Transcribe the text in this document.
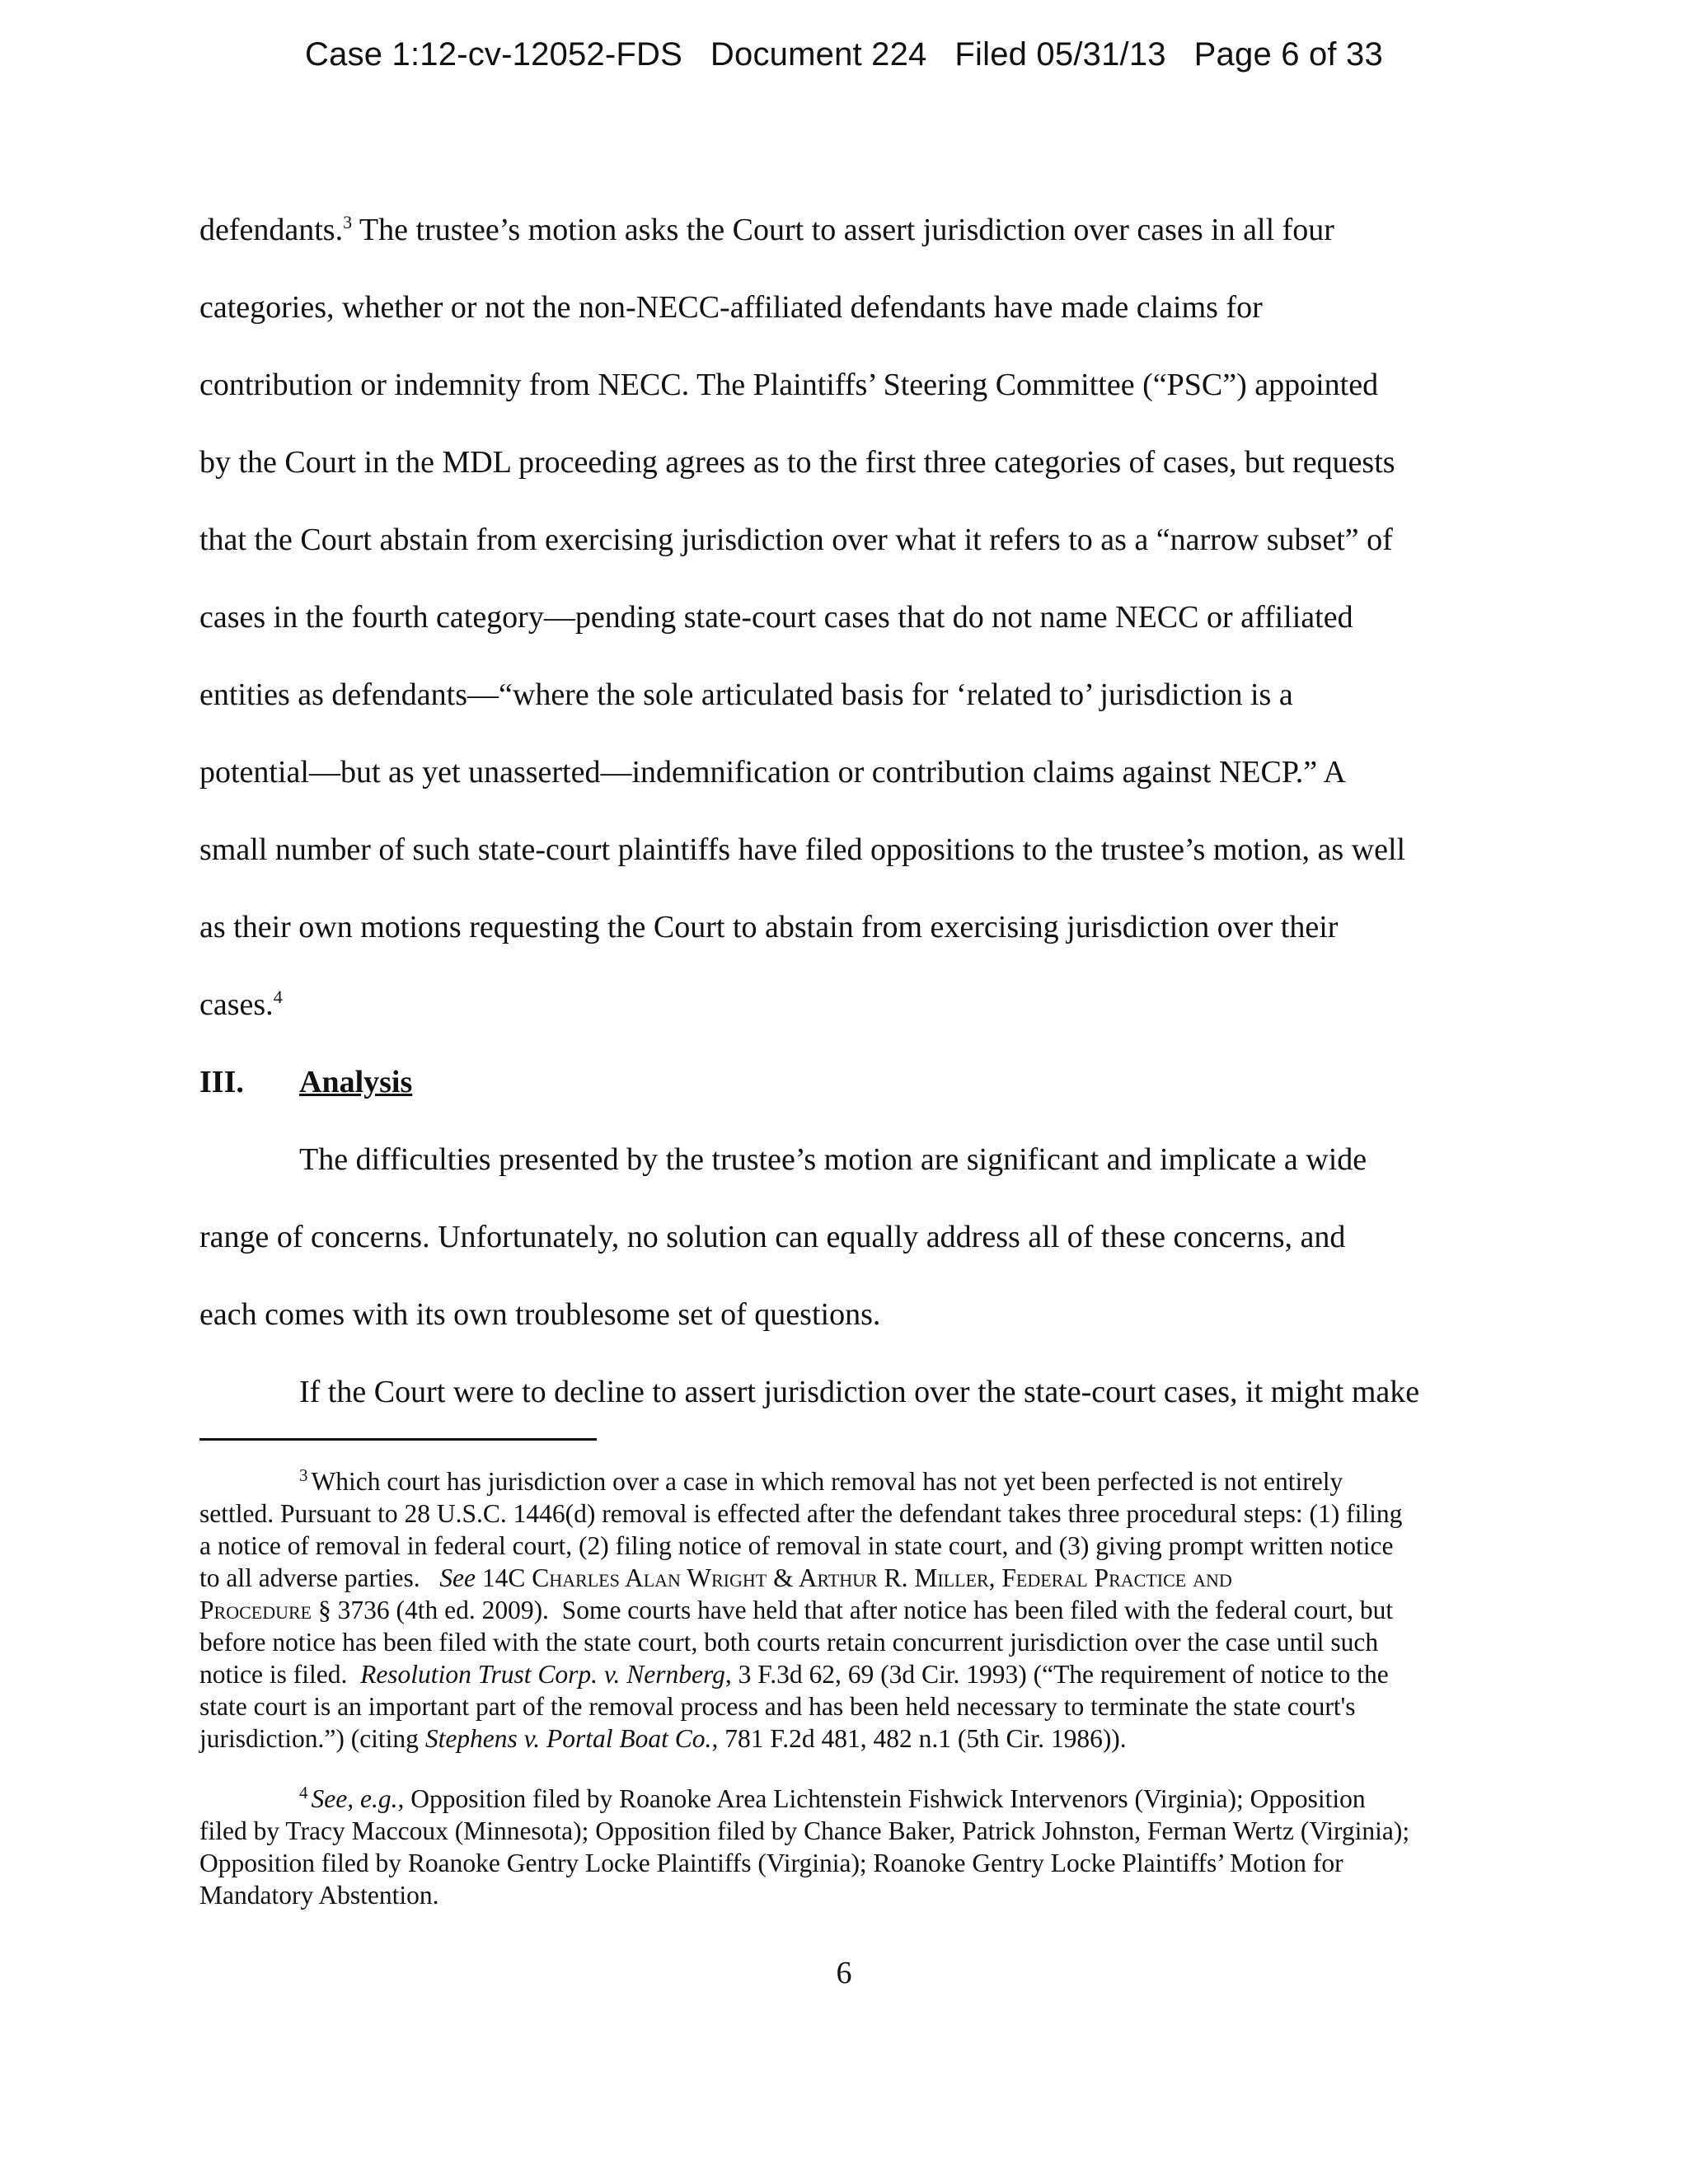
Case 1:12-cv-12052-FDS   Document 224   Filed 05/31/13   Page 6 of 33
defendants.$^3$ The trustee’s motion asks the Court to assert jurisdiction over cases in all four
categories, whether or not the non-NECC-affiliated defendants have made claims for
contribution or indemnity from NECC. The Plaintiffs’ Steering Committee (“PSC”) appointed
by the Court in the MDL proceeding agrees as to the first three categories of cases, but requests
that the Court abstain from exercising jurisdiction over what it refers to as a “narrow subset” of
cases in the fourth category—pending state-court cases that do not name NECC or affiliated
entities as defendants—“where the sole articulated basis for ‘related to’ jurisdiction is a
potential—but as yet unasserted—indemnification or contribution claims against NECP.” A
small number of such state-court plaintiffs have filed oppositions to the trustee’s motion, as well
as their own motions requesting the Court to abstain from exercising jurisdiction over their
cases.$^4$
III. Analysis
The difficulties presented by the trustee’s motion are significant and implicate a wide
range of concerns. Unfortunately, no solution can equally address all of these concerns, and
each comes with its own troublesome set of questions.
If the Court were to decline to assert jurisdiction over the state-court cases, it might make
$^3$ Which court has jurisdiction over a case in which removal has not yet been perfected is not entirely
settled. Pursuant to 28 U.S.C. 1446(d) removal is effected after the defendant takes three procedural steps: (1) filing
a notice of removal in federal court, (2) filing notice of removal in state court, and (3) giving prompt written notice
to all adverse parties.   See 14C Charles Alan Wright & Arthur R. Miller, Federal Practice and
Procedure § 3736 (4th ed. 2009).  Some courts have held that after notice has been filed with the federal court, but
before notice has been filed with the state court, both courts retain concurrent jurisdiction over the case until such
notice is filed.  Resolution Trust Corp. v. Nernberg, 3 F.3d 62, 69 (3d Cir. 1993) (“The requirement of notice to the
state court is an important part of the removal process and has been held necessary to terminate the state court's
jurisdiction.”) (citing Stephens v. Portal Boat Co., 781 F.2d 481, 482 n.1 (5th Cir. 1986)).
$^4$ See, e.g., Opposition filed by Roanoke Area Lichtenstein Fishwick Intervenors (Virginia); Opposition
filed by Tracy Maccoux (Minnesota); Opposition filed by Chance Baker, Patrick Johnston, Ferman Wertz (Virginia);
Opposition filed by Roanoke Gentry Locke Plaintiffs (Virginia); Roanoke Gentry Locke Plaintiffs’ Motion for
Mandatory Abstention.
6
